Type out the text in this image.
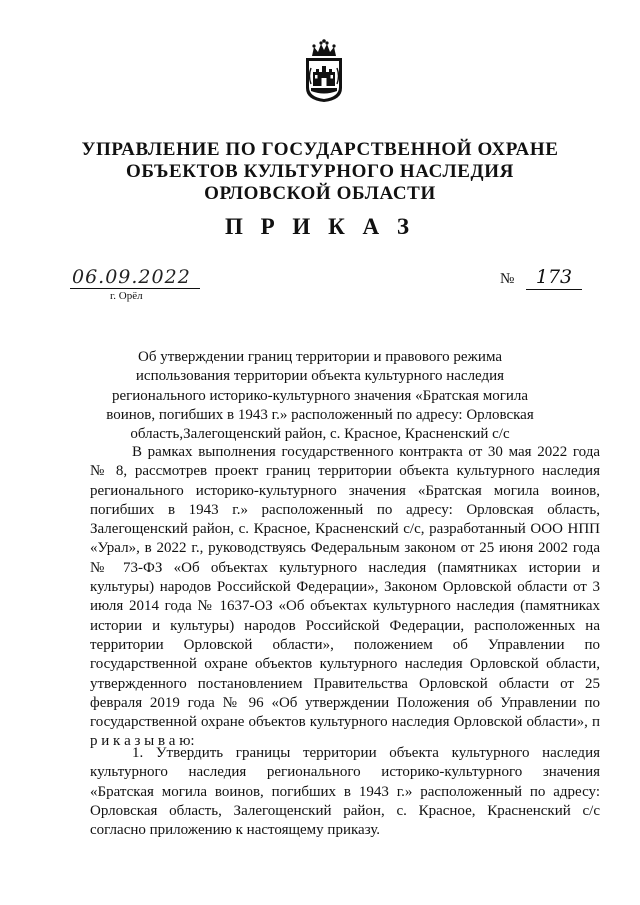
УПРАВЛЕНИЕ ПО ГОСУДАРСТВЕННОЙ ОХРАНЕ
ОБЪЕКТОВ КУЛЬТУРНОГО НАСЛЕДИЯ
ОРЛОВСКОЙ ОБЛАСТИ
П Р И К А З
06.09.2022
г. Орёл
№	173
Об утверждении границ территории и правового режима использования территории объекта культурного наследия регионального историко-культурного значения «Братская могила воинов, погибших в 1943 г.» расположенный по адресу: Орловская область,Залегощенский район, с. Красное, Красненский с/с

В рамках выполнения государственного контракта от 30 мая 2022 года № 8, рассмотрев проект границ территории объекта культурного наследия регионального историко-культурного значения «Братская могила воинов, погибших в 1943 г.» расположенный по адресу: Орловская область, Залегощенский район, с. Красное, Красненский с/с, разработанный ООО НПП «Урал», в 2022 г., руководствуясь Федеральным законом от 25 июня 2002 года № 73-ФЗ «Об объектах культурного наследия (памятниках истории и культуры) народов Российской Федерации», Законом Орловской области от 3 июля 2014 года № 1637-ОЗ «Об объектах культурного наследия (памятниках истории и культуры) народов Российской Федерации, расположенных на территории Орловской области», положением об Управлении по государственной охране объектов культурного наследия Орловской области, утвержденного постановлением Правительства Орловской области от 25 февраля 2019 года № 96 «Об утверждении Положения об Управлении по государственной охране объектов культурного наследия Орловской области», п р и к а з ы в а ю:

1. Утвердить границы территории объекта культурного наследия культурного наследия регионального историко-культурного значения «Братская могила воинов, погибших в 1943 г.» расположенный по адресу: Орловская область, Залегощенский район, с. Красное, Красненский с/с согласно приложению к настоящему приказу.
